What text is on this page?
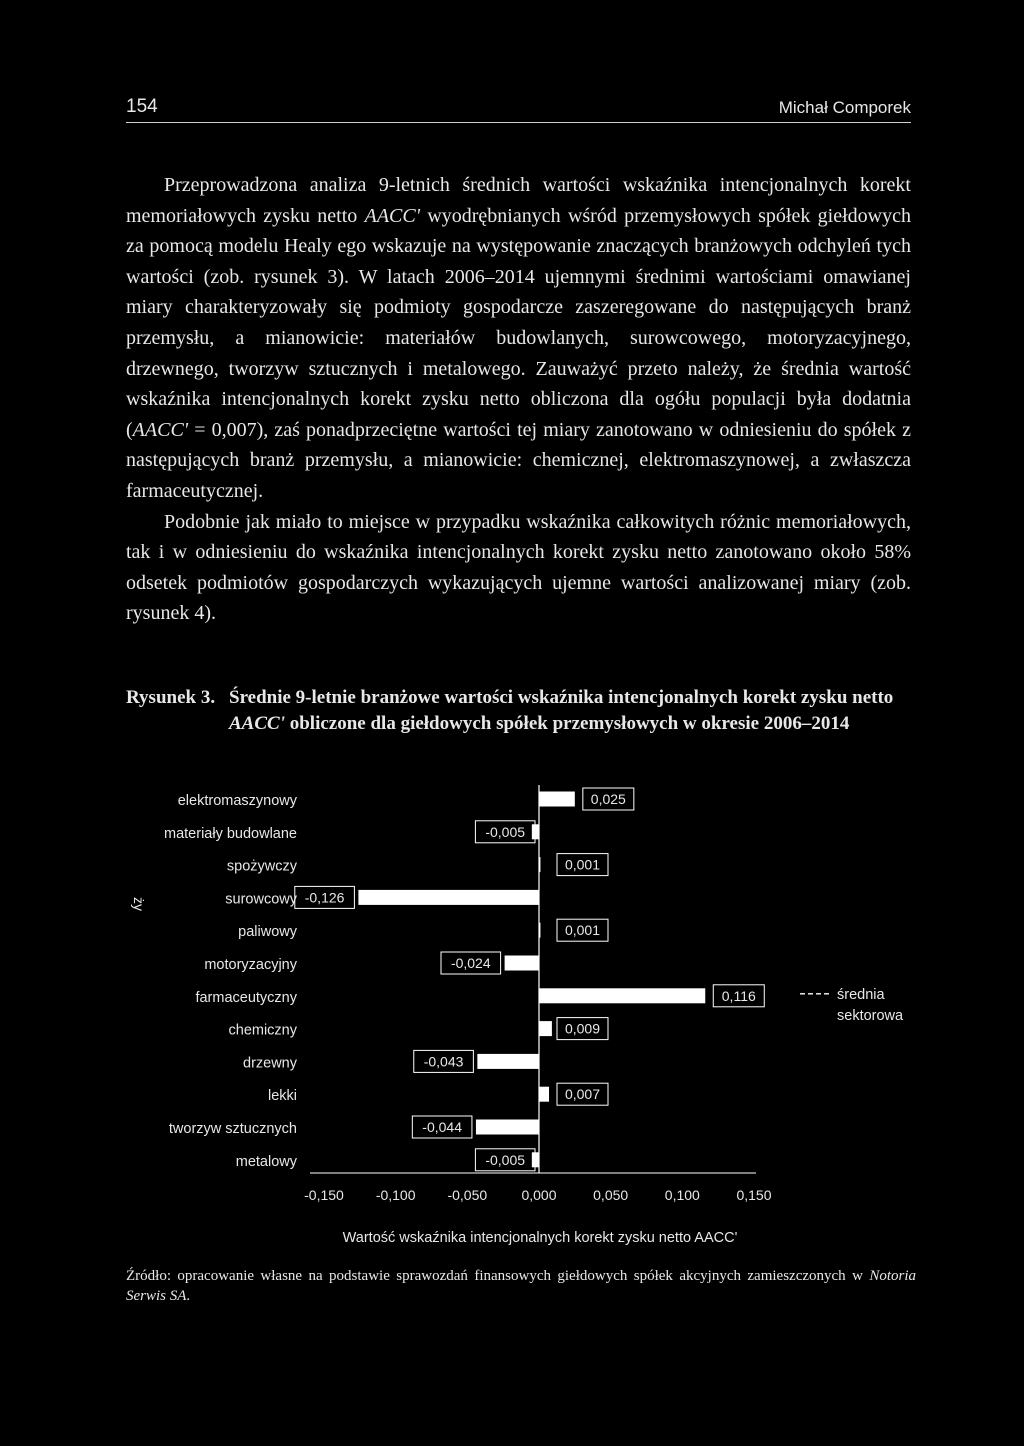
154	Michał Comporek

Przeprowadzona analiza 9-letnich średnich wartości wskaźnika intencjonalnych korekt memoriałowych zysku netto AACC' wyodrębnianych wśród przemysłowych spółek giełdowych za pomocą modelu Healy ego wskazuje na występowanie znaczących branżowych odchyleń tych wartości (zob. rysunek 3). W latach 2006–2014 ujemnymi średnimi wartościami omawianej miary charakteryzowały się podmioty gospodarcze zaszeregowane do następujących branż przemysłu, a mianowicie: materiałów budowlanych, surowcowego, motoryzacyjnego, drzewnego, tworzyw sztucznych i metalowego. Zauważyć przeto należy, że średnia wartość wskaźnika intencjonalnych korekt zysku netto obliczona dla ogółu populacji była dodatnia (AACC' = 0,007), zaś ponadprzeciętne wartości tej miary zanotowano w odniesieniu do spółek z następujących branż przemysłu, a mianowicie: chemicznej, elektromaszynowej, a zwłaszcza farmaceutycznej.

Podobnie jak miało to miejsce w przypadku wskaźnika całkowitych różnic memoriałowych, tak i w odniesieniu do wskaźnika intencjonalnych korekt zysku netto zanotowano około 58% odsetek podmiotów gospodarczych wykazujących ujemne wartości analizowanej miary (zob. rysunek 4).

Rysunek 3. Średnie 9-letnie branżowe wartości wskaźnika intencjonalnych korekt zysku netto AACC' obliczone dla giełdowych spółek przemysłowych w okresie 2006–2014
elektromaszynowy	0,025
materiały budowlane	-0,005
spożywczy	0,001
surowcowy -0,126
paliwowy	0,001
motoryzacyjny	-0,024
farmaceutyczny	0,116
chemiczny	0,009
drzewny	-0,043
lekki	0,007
tworzyw sztucznych	-0,044
metalowy	-0,005
-0,150 -0,100 -0,050 0,000	0,050	0,100	0,150
Wartość wskaźnika intencjonalnych korekt zysku netto AACC'
ży
średnia
sektorowa
Źródło: opracowanie własne na podstawie sprawozdań finansowych giełdowych spółek akcyjnych zamieszczonych w Notoria Serwis SA.
